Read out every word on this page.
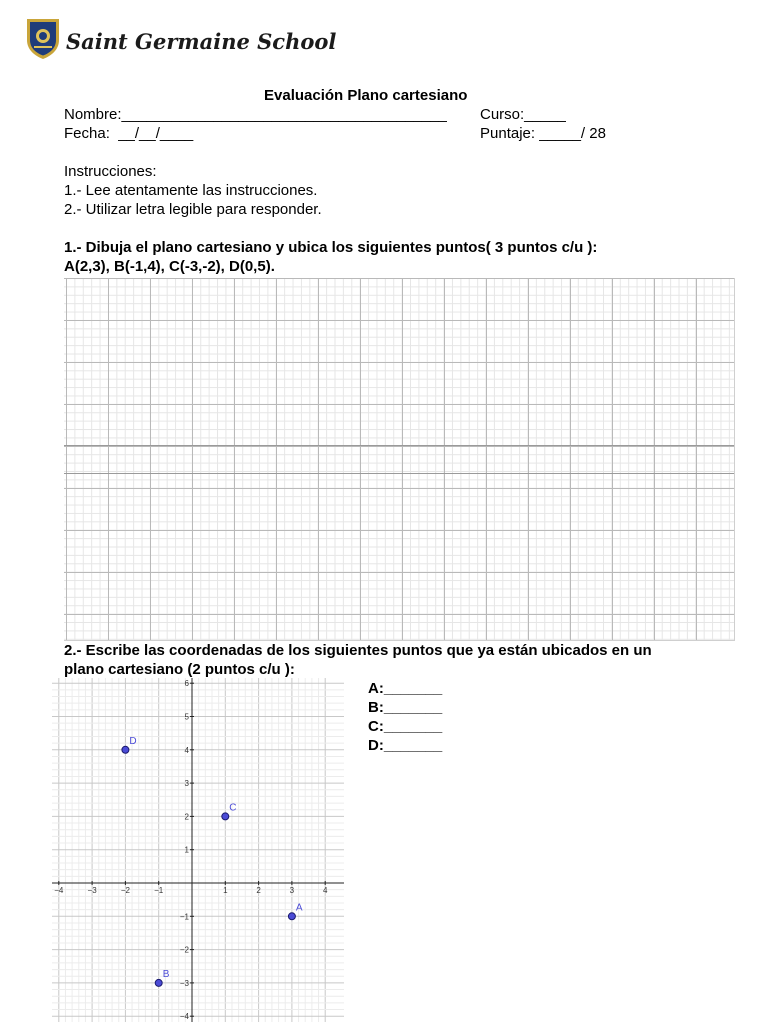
Saint Germaine School
Evaluación Plano cartesiano
Nombre:_______________________________________ Curso:_____
Fecha:  __/__/____	Puntaje: _____/ 28
Instrucciones:
1.- Lee atentamente las instrucciones.
2.- Utilizar letra legible para responder.
1.- Dibuja el plano cartesiano y ubica los siguientes puntos( 3 puntos c/u ):
A(2,3), B(-1,4), C(-3,-2), D(0,5).
2.- Escribe las coordenadas de los siguientes puntos que ya están ubicados en un
plano cartesiano (2 puntos c/u ):
−4	−3	−2	−1	1	2	3	4
−4
−3
−2
−1
1
2
3
4
5
6
A
B
C
D
A:_______
B:_______
C:_______
D:_______
